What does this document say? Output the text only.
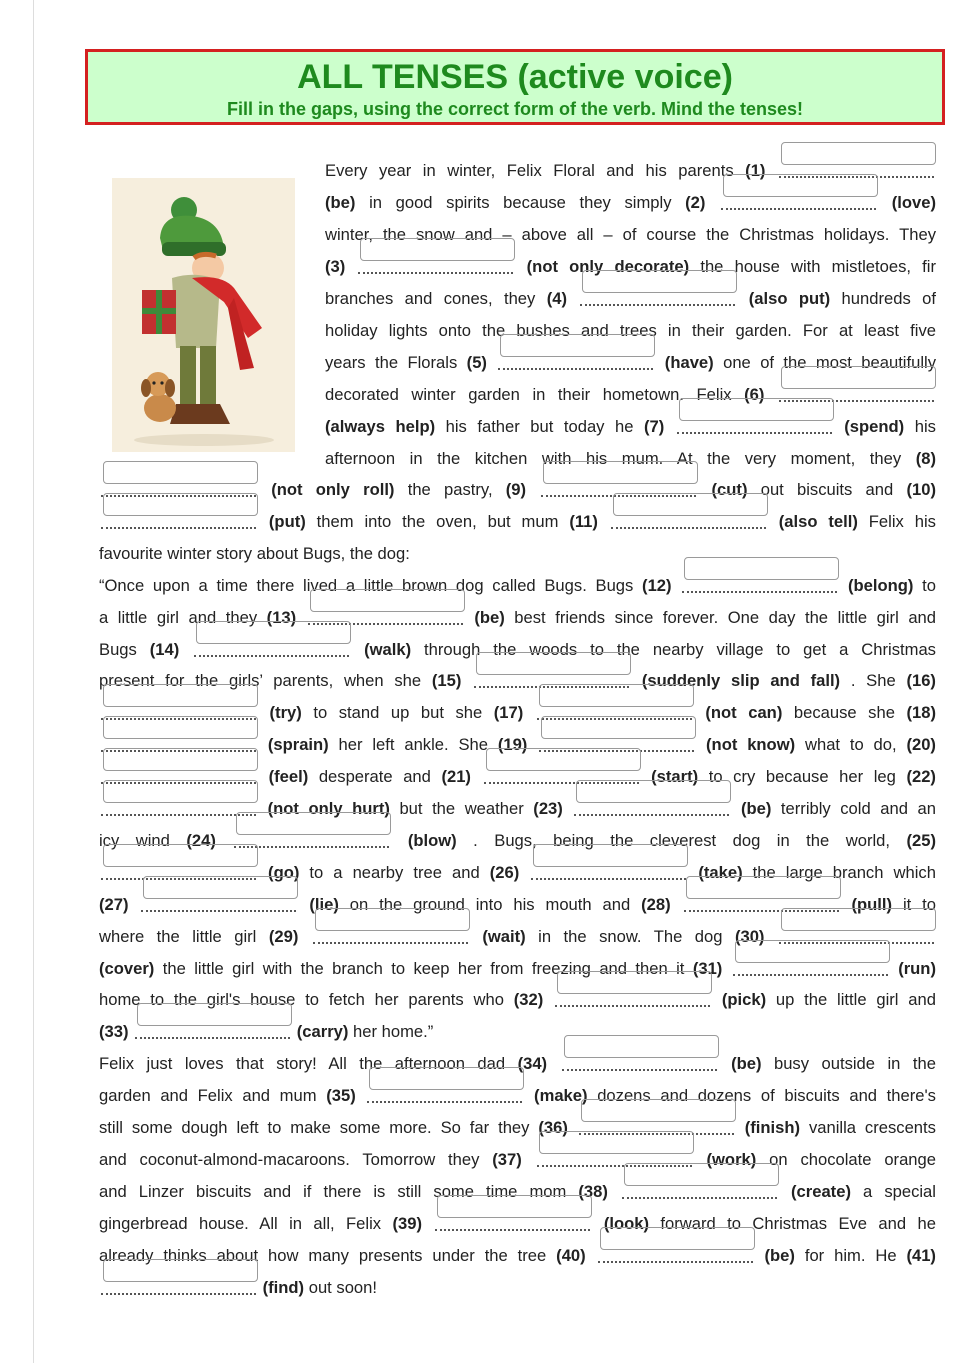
ALL TENSES (active voice)
Fill in the gaps, using the correct form of the verb. Mind the tenses!
Every year in winter, Felix Floral and his parents (1)
(be) in good spirits because they simply (2)	(love)
winter, the snow and – above all – of course the Christmas holidays. They
(3)	(not only decorate) the house with mistletoes, fir
branches and cones, they (4)	(also put) hundreds of
holiday lights onto the bushes and trees in their garden. For at least five
years the Florals (5)	(have) one of the most beautifully
decorated winter garden in their hometown. Felix (6)
(always help) his father but today he (7)	(spend) his
afternoon in the kitchen with his mum. At the very moment, they (8)
(not only roll) the pastry, (9)	(cut) out biscuits and (10)
(put) them into the oven, but mum (11)	(also tell) Felix his
favourite winter story about Bugs, the dog:
“Once upon a time there lived a little brown dog called Bugs. Bugs (12)	(belong) to
a little girl and they (13)	(be) best friends since forever. One day the little girl and
Bugs (14)	(walk) through the woods to the nearby village to get a Christmas
present for the girls’ parents, when she (15)	(suddenly slip and fall) . She (16)
(try) to stand up but she (17)	(not can) because she (18)
(sprain) her left ankle. She (19)	(not know) what to do, (20)
(feel) desperate and (21)	(start) to cry because her leg (22)
(not only hurt) but the weather (23)	(be) terribly cold and an
icy wind (24)	(blow) . Bugs, being the cleverest dog in the world, (25)
(go) to a nearby tree and (26)	(take) the large branch which
(27)	(lie) on the ground into his mouth and (28)	(pull) it to
where the little girl (29)	(wait) in the snow. The dog (30)
(cover) the little girl with the branch to keep her from freezing and then it (31)	(run)
home to the girl's house to fetch her parents who (32)	(pick) up the little girl and
(33)	(carry) her home.”
Felix just loves that story! All the afternoon dad (34)	(be) busy outside in the
garden and Felix and mum (35)	(make) dozens and dozens of biscuits and there's
still some dough left to make some more. So far they (36)	(finish) vanilla crescents
and coconut-almond-macaroons. Tomorrow they (37)	(work) on chocolate orange
and Linzer biscuits and if there is still some time mom (38)	(create) a special
gingerbread house. All in all, Felix (39)	(look) forward to Christmas Eve and he
already thinks about how many presents under the tree (40)	(be) for him. He (41)
(find) out soon!
